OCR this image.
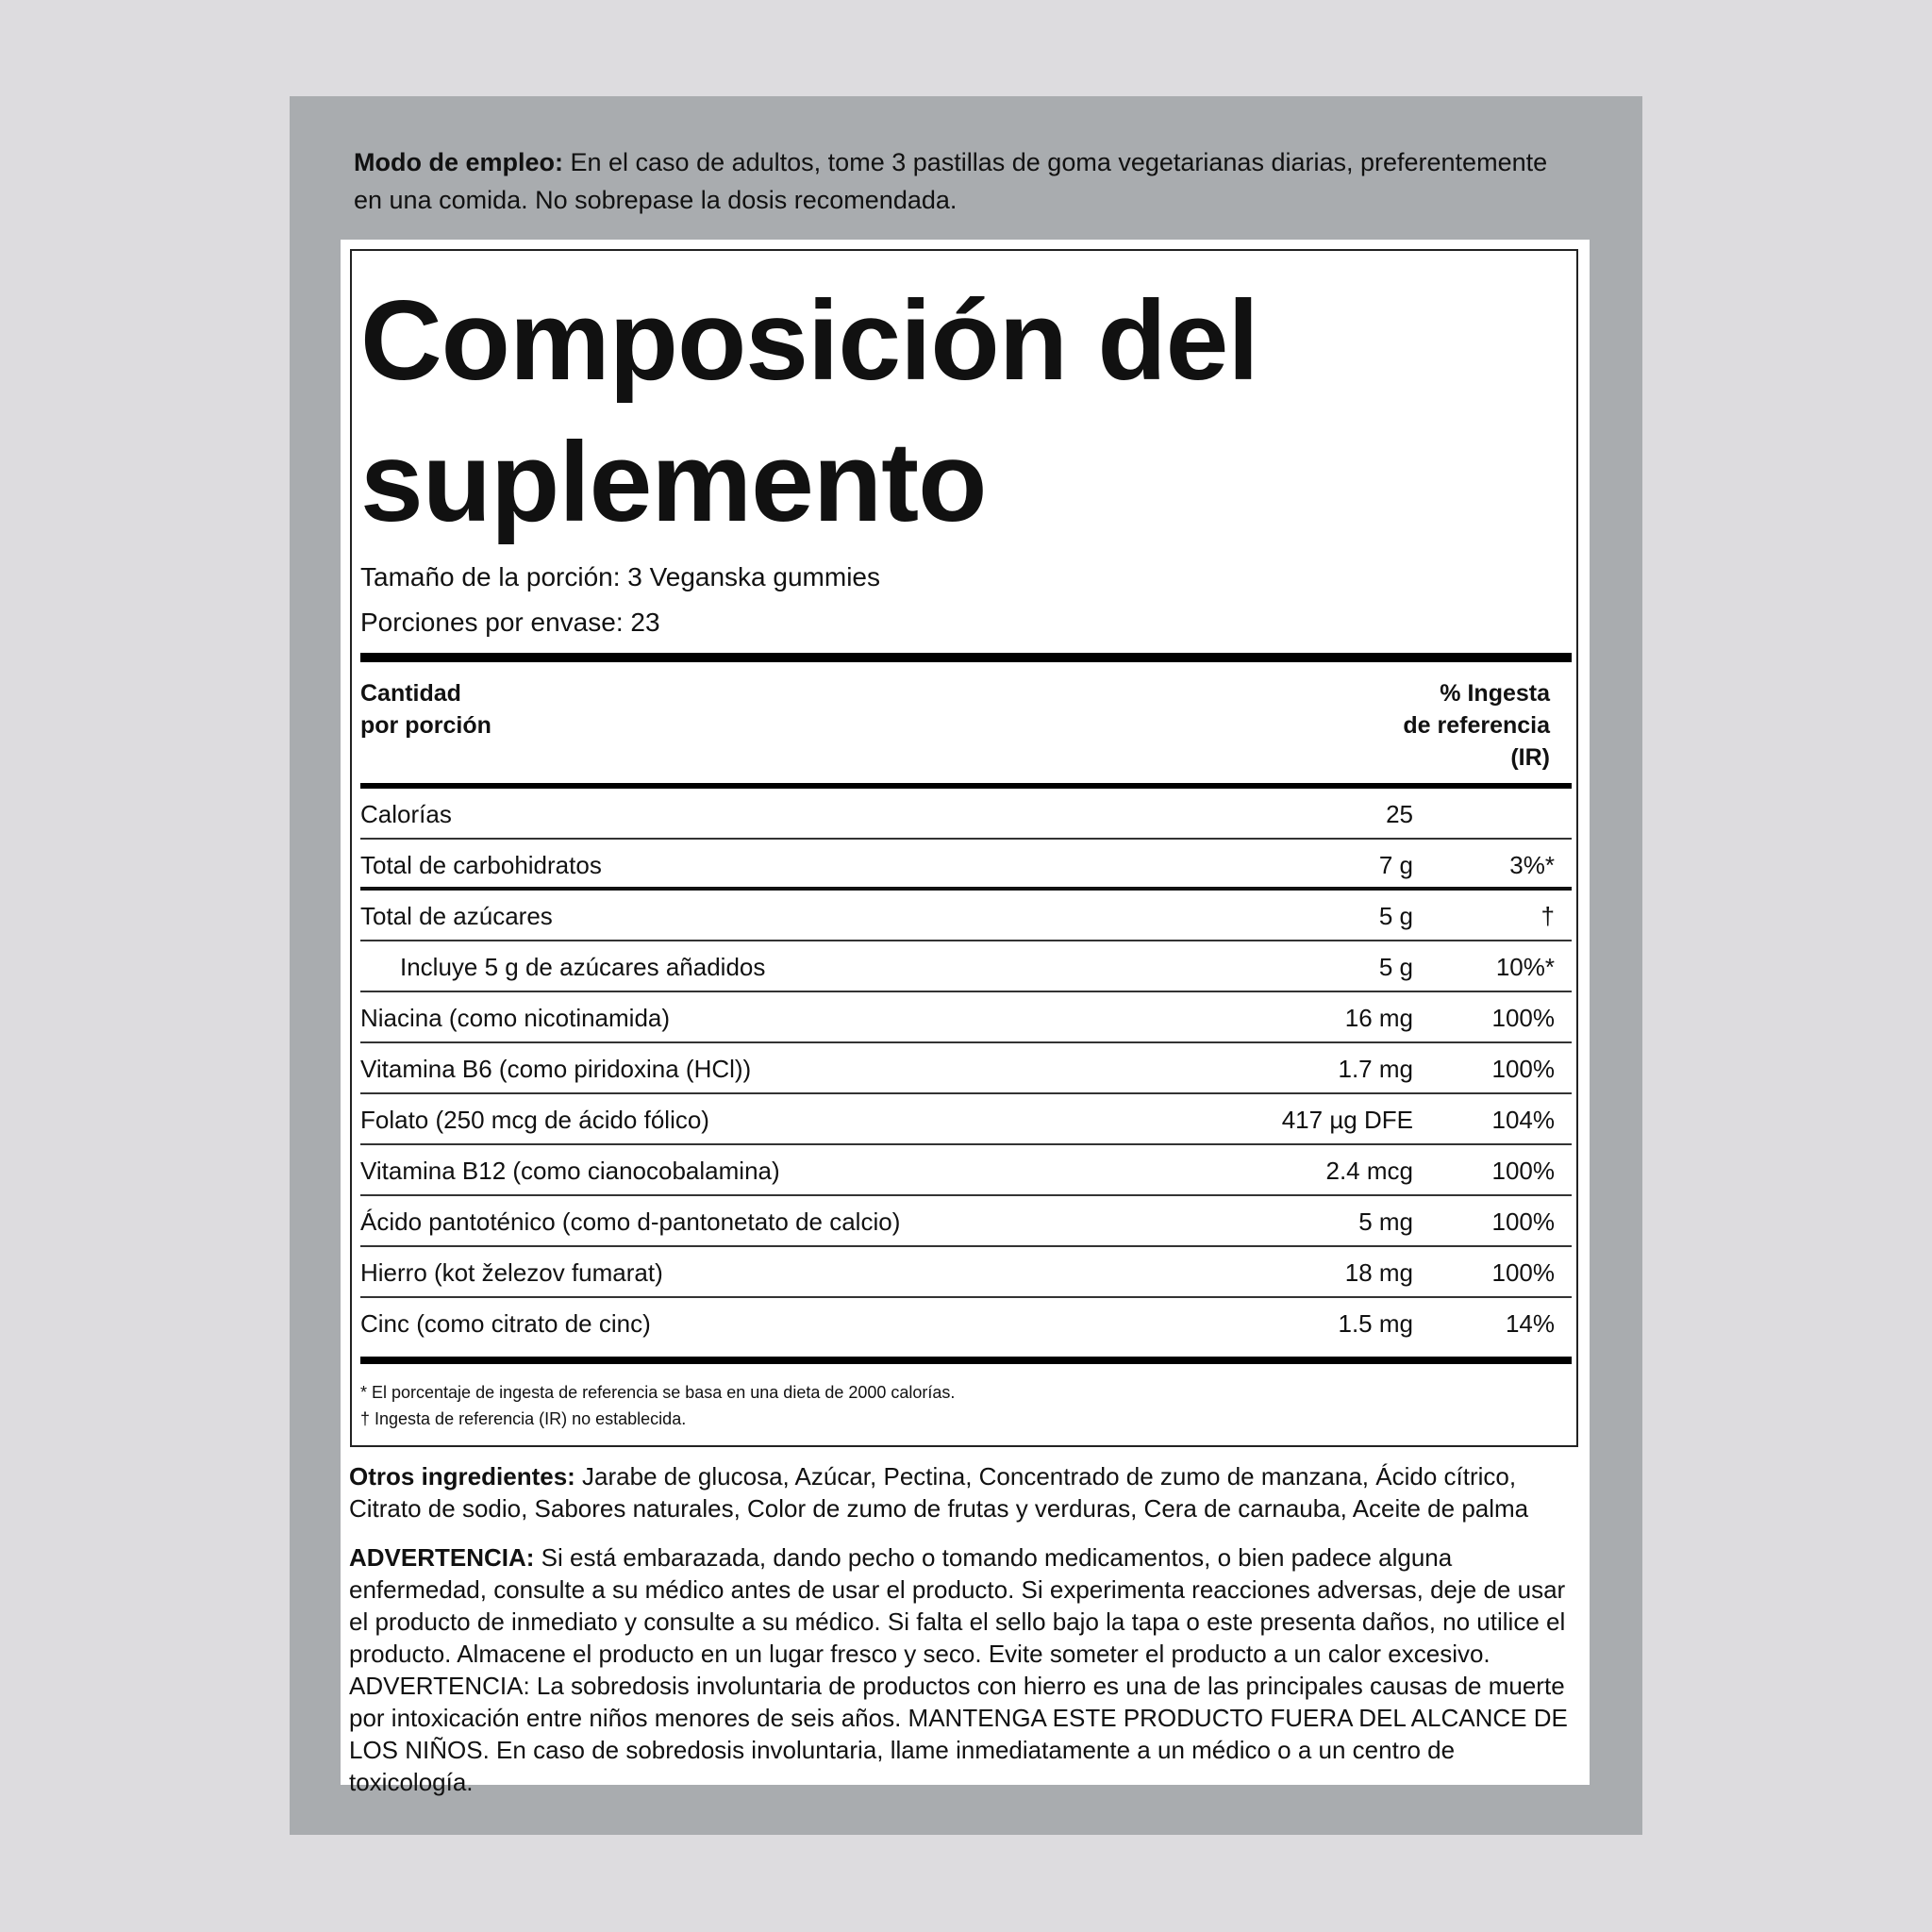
Modo de empleo: En el caso de adultos, tome 3 pastillas de goma vegetarianas diarias, preferentemente en una comida. No sobrepase la dosis recomendada.
Composición del
suplemento
Tamaño de la porción: 3 Veganska gummies
Porciones por envase: 23
Cantidad
por porción
% Ingesta
de referencia
(IR)
Calorías	25
Total de carbohidratos	7 g	3%*
Total de azúcares	5 g	†
Incluye 5 g de azúcares añadidos	5 g	10%*
Niacina (como nicotinamida)	16 mg	100%
Vitamina B6 (como piridoxina (HCl))	1.7 mg	100%
Folato (250 mcg de ácido fólico)	417 µg DFE	104%
Vitamina B12 (como cianocobalamina)	2.4 mcg	100%
Ácido pantoténico (como d-pantonetato de calcio)	5 mg	100%
Hierro (kot železov fumarat)	18 mg	100%
Cinc (como citrato de cinc)	1.5 mg	14%
* El porcentaje de ingesta de referencia se basa en una dieta de 2000 calorías.
† Ingesta de referencia (IR) no establecida.
Otros ingredientes: Jarabe de glucosa, Azúcar, Pectina, Concentrado de zumo de manzana, Ácido cítrico, Citrato de sodio, Sabores naturales, Color de zumo de frutas y verduras, Cera de carnauba, Aceite de palma
ADVERTENCIA: Si está embarazada, dando pecho o tomando medicamentos, o bien padece alguna enfermedad, consulte a su médico antes de usar el producto. Si experimenta reacciones adversas, deje de usar el producto de inmediato y consulte a su médico. Si falta el sello bajo la tapa o este presenta daños, no utilice el producto. Almacene el producto en un lugar fresco y seco. Evite someter el producto a un calor excesivo. ADVERTENCIA: La sobredosis involuntaria de productos con hierro es una de las principales causas de muerte por intoxicación entre niños menores de seis años. MANTENGA ESTE PRODUCTO FUERA DEL ALCANCE DE LOS NIÑOS. En caso de sobredosis involuntaria, llame inmediatamente a un médico o a un centro de toxicología.
